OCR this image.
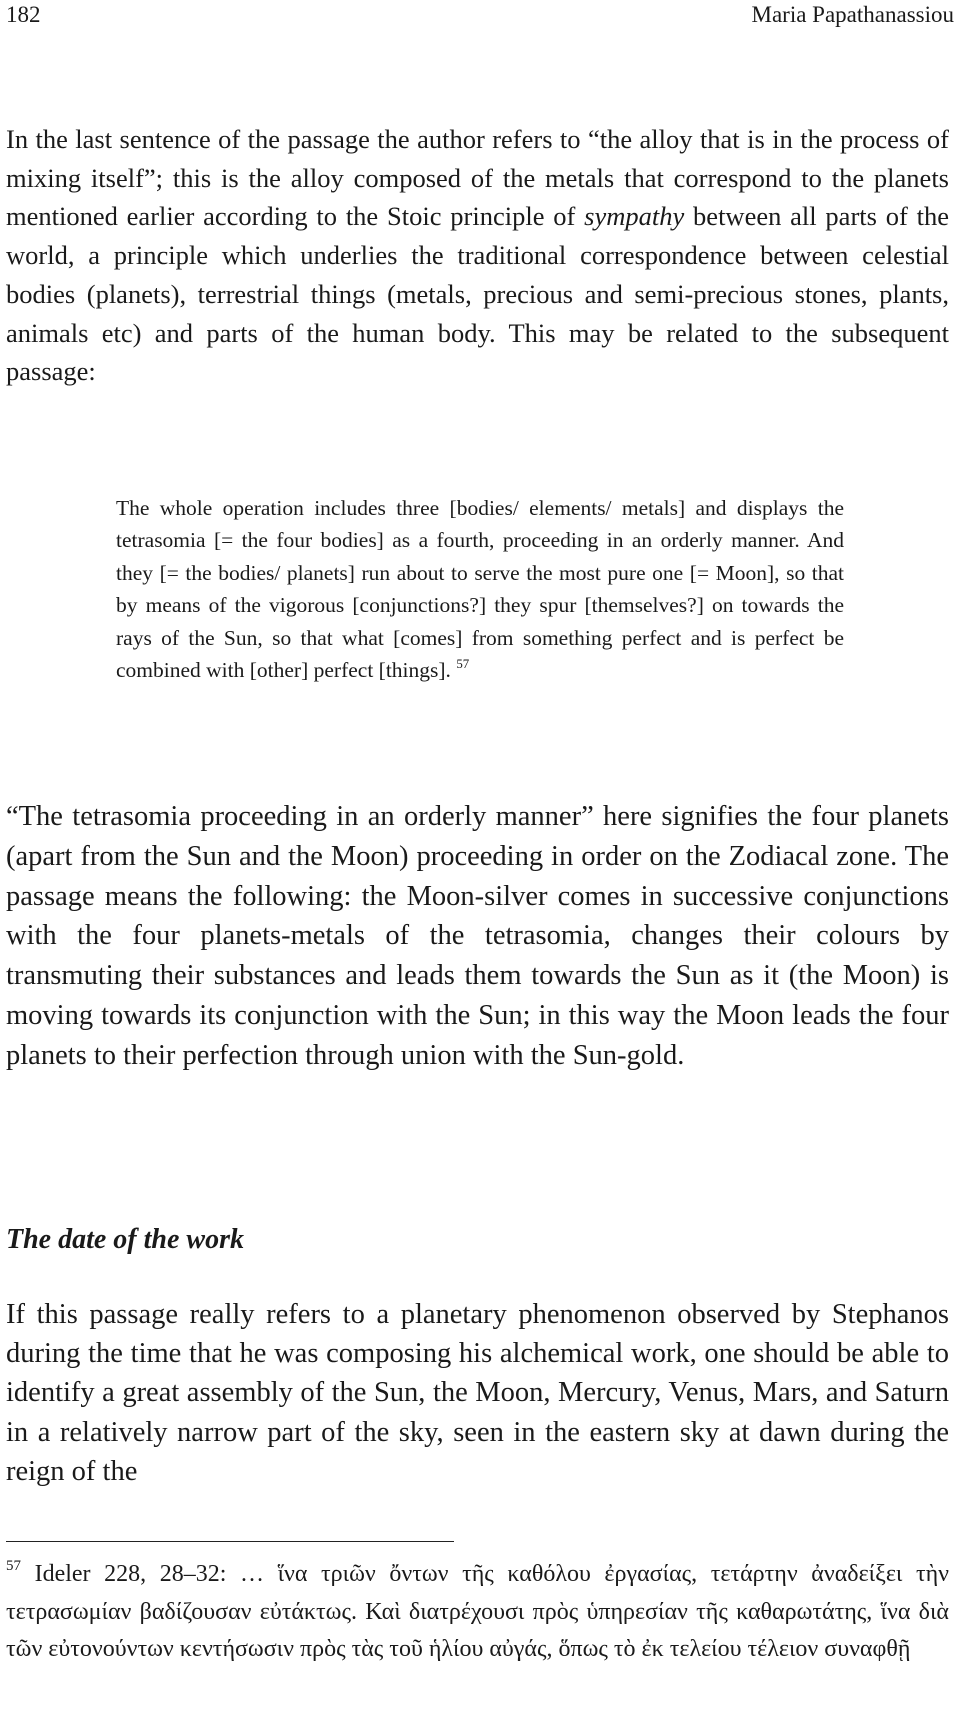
182	Maria Papathanassiou

In the last sentence of the passage the author refers to “the alloy that is in the process of mixing itself”; this is the alloy composed of the metals that correspond to the planets mentioned earlier according to the Stoic principle of sympathy between all parts of the world, a principle which underlies the traditional correspondence between celestial bodies (planets), terrestrial things (metals, precious and semi-precious stones, plants, animals etc) and parts of the human body. This may be related to the subsequent passage:

The whole operation includes three [bodies/ elements/ metals] and displays the tetrasomia [= the four bodies] as a fourth, proceeding in an orderly manner. And they [= the bodies/ planets] run about to serve the most pure one [= Moon], so that by means of the vigorous [conjunctions?] they spur [themselves?] on towards the rays of the Sun, so that what [comes] from something perfect and is perfect be combined with [other] perfect [things]. $^{57}$

“The tetrasomia proceeding in an orderly manner” here signifies the four planets (apart from the Sun and the Moon) proceeding in order on the Zodiacal zone. The passage means the following: the Moon-silver comes in successive conjunctions with the four planets-metals of the tetrasomia, changes their colours by transmuting their substances and leads them towards the Sun as it (the Moon) is moving towards its conjunction with the Sun; in this way the Moon leads the four planets to their perfection through union with the Sun-gold.

The date of the work

If this passage really refers to a planetary phenomenon observed by Stephanos during the time that he was composing his alchemical work, one should be able to identify a great assembly of the Sun, the Moon, Mercury, Venus, Mars, and Saturn in a relatively narrow part of the sky, seen in the eastern sky at dawn during the reign of the

$^{57}$ Ideler 228, 28–32: … ἵνα τριῶν ὄντων τῆς καθόλου ἐργασίας, τετάρτην ἀναδείξει τὴν τετρασωμίαν βαδίζουσαν εὐτάκτως. Καὶ διατρέχουσι πρὸς ὑπηρεσίαν τῆς καθαρωτάτης, ἵνα διὰ τῶν εὐτονούντων κεντήσωσιν πρὸς τὰς τοῦ ἡλίου αὐγάς, ὅπως τὸ ἐκ τελείου τέλειον συναφθῇ
